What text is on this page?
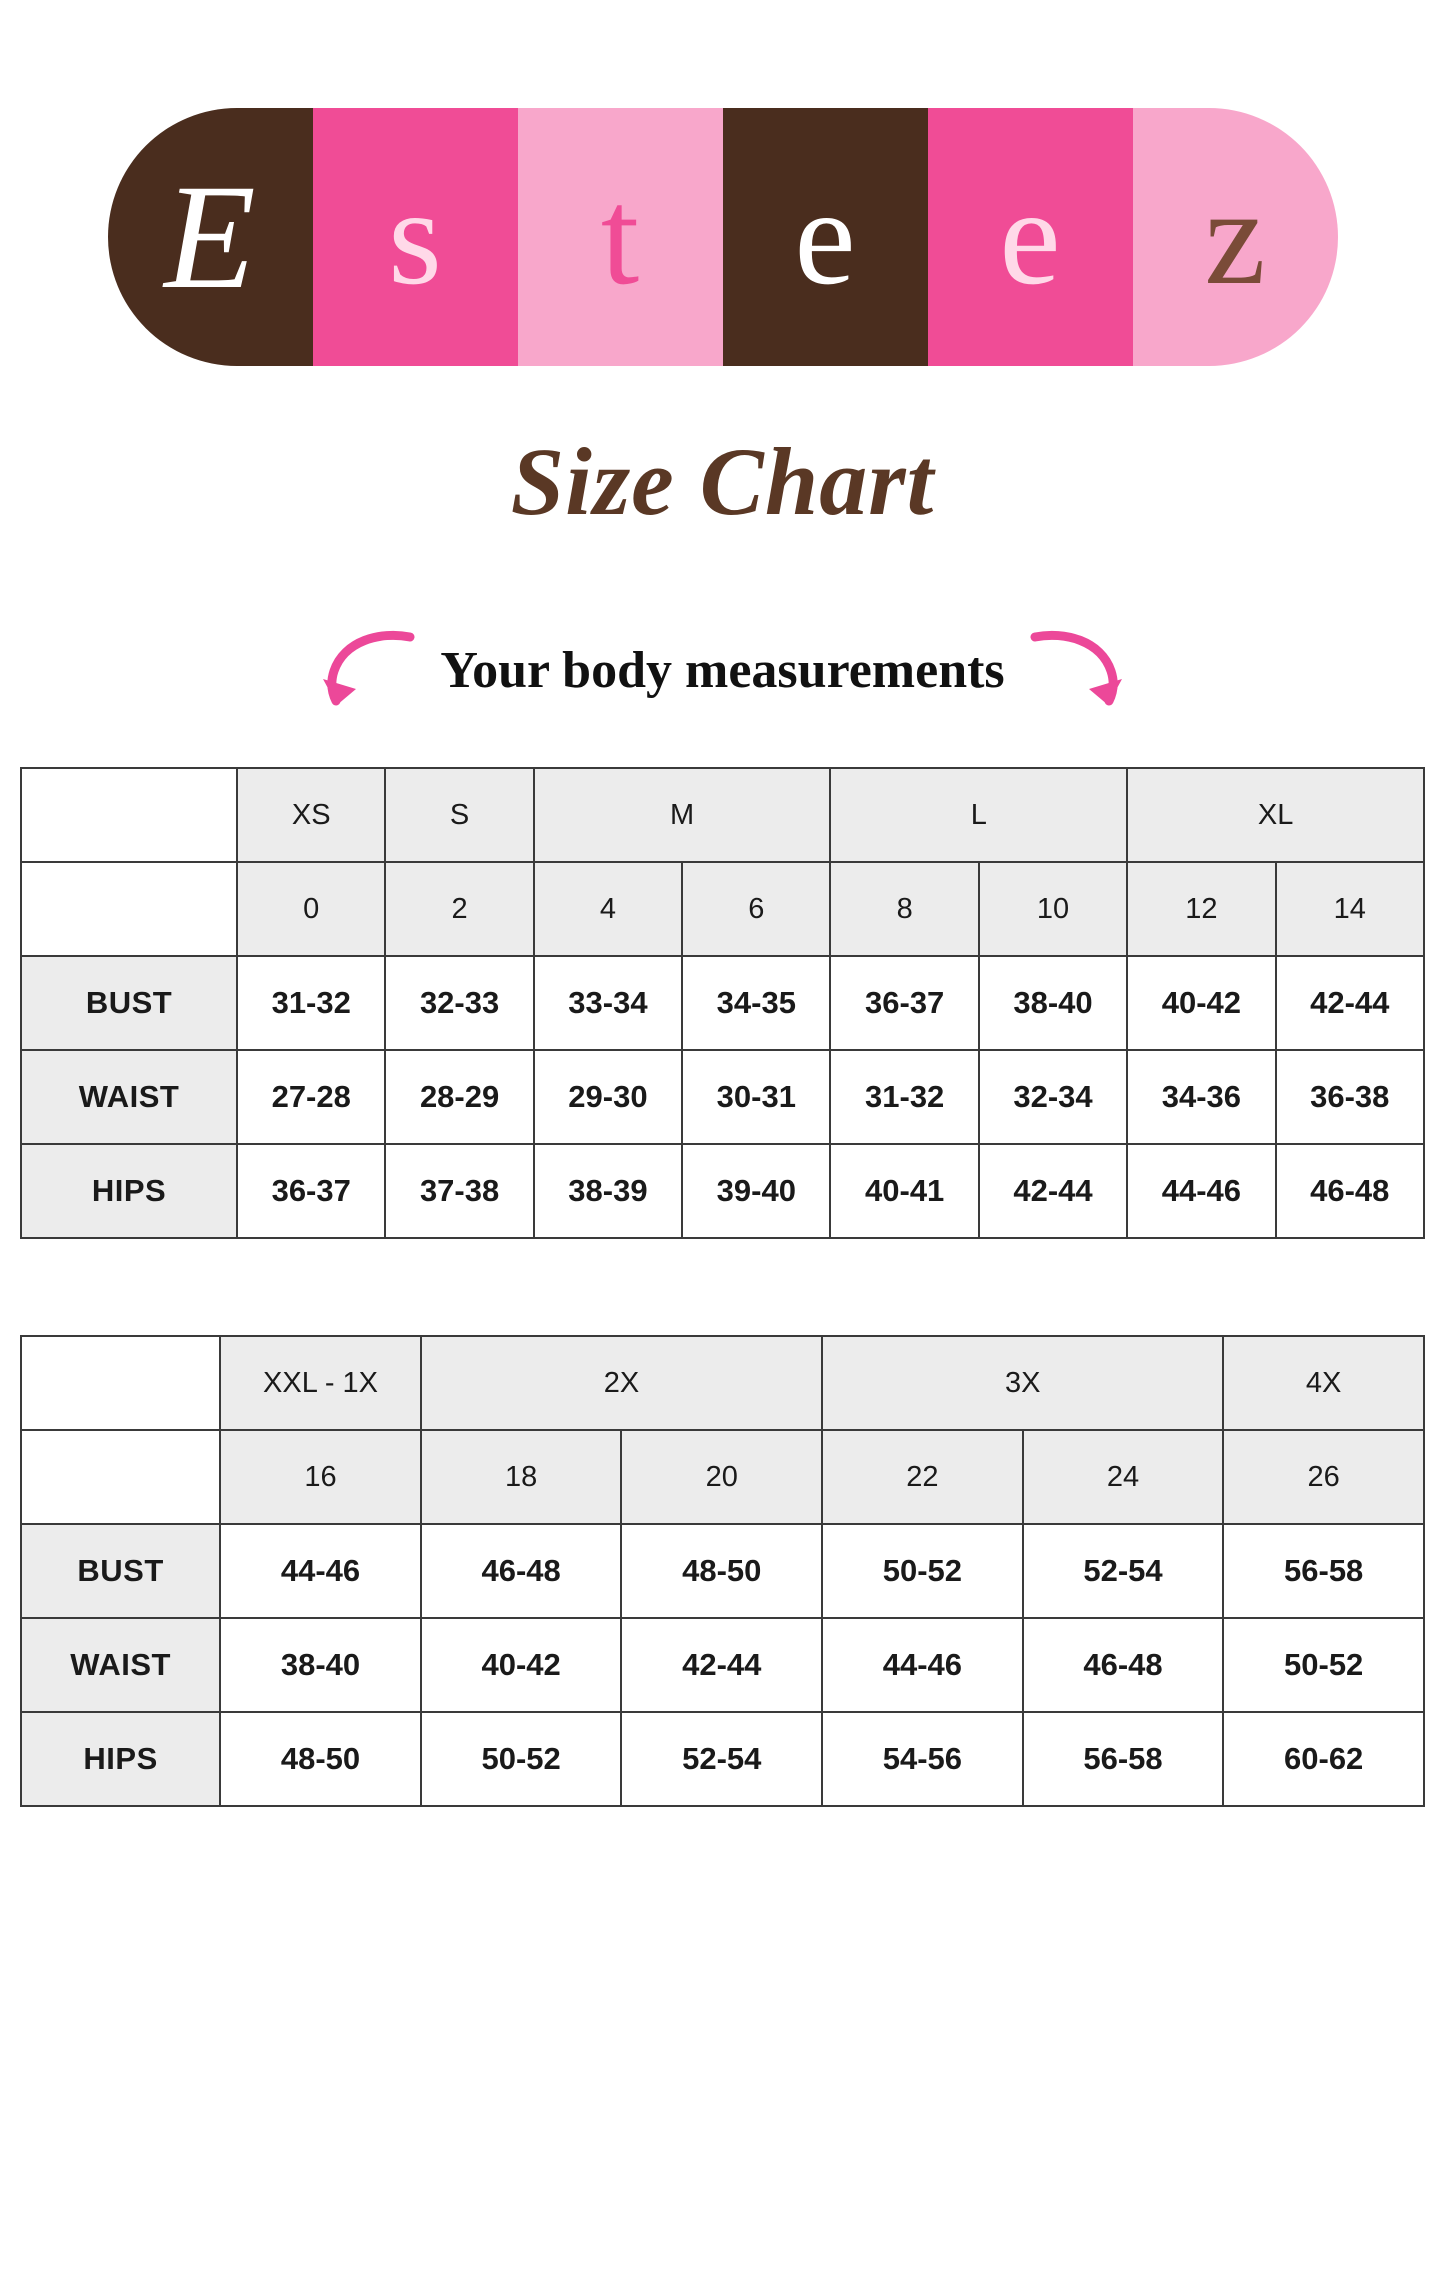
E s t e e z
Size Chart
Your body measurements
	XS	S	M		L		XL	
	0	2	4	6	8	10	12	14
BUST	31-32	32-33	33-34	34-35	36-37	38-40	40-42	42-44
WAIST	27-28	28-29	29-30	30-31	31-32	32-34	34-36	36-38
HIPS	36-37	37-38	38-39	39-40	40-41	42-44	44-46	46-48
	XXL - 1X	2X		3X		4X
	16	18	20	22	24	26
BUST	44-46	46-48	48-50	50-52	52-54	56-58
WAIST	38-40	40-42	42-44	44-46	46-48	50-52
HIPS	48-50	50-52	52-54	54-56	56-58	60-62
